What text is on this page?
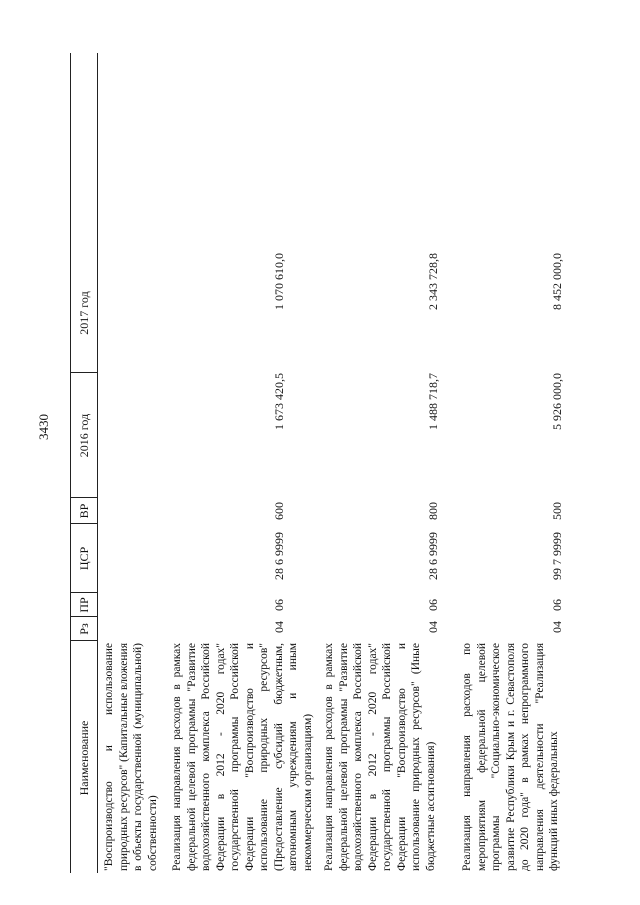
3430
Наименование
Рз
ПР
ЦСР
ВР
2016 год
2017 год
"Воспроизводство и использование природных ресурсов" (Капитальные вложения в объекты государственной (муниципальной) собственности) Реализация направления расходов в рамках федеральной целевой программы "Развитие водохозяйственного комплекса Российской Федерации в 2012 - 2020 годах" государственной программы Российской Федерации "Воспроизводство и использование природных ресурсов" (Предоставление субсидий бюджетным, автономным учреждениям и иным некоммерческим организациям)
04
06
28 6 9999
600
1 673 420,5
1 070 610,0
Реализация направления расходов в рамках федеральной целевой программы "Развитие водохозяйственного комплекса Российской Федерации в 2012 - 2020 годах" государственной программы Российской Федерации "Воспроизводство и использование природных ресурсов" (Иные бюджетные ассигнования)
04
06
28 6 9999
800
1 488 718,7
2 343 728,8
Реализация направления расходов по мероприятиям федеральной целевой программы "Социально-экономическое развитие Республики Крым и г. Севастополя до 2020 года" в рамках непрограммного направления деятельности "Реализация функций иных федеральных
04
06
99 7 9999
500
5 926 000,0
8 452 000,0
